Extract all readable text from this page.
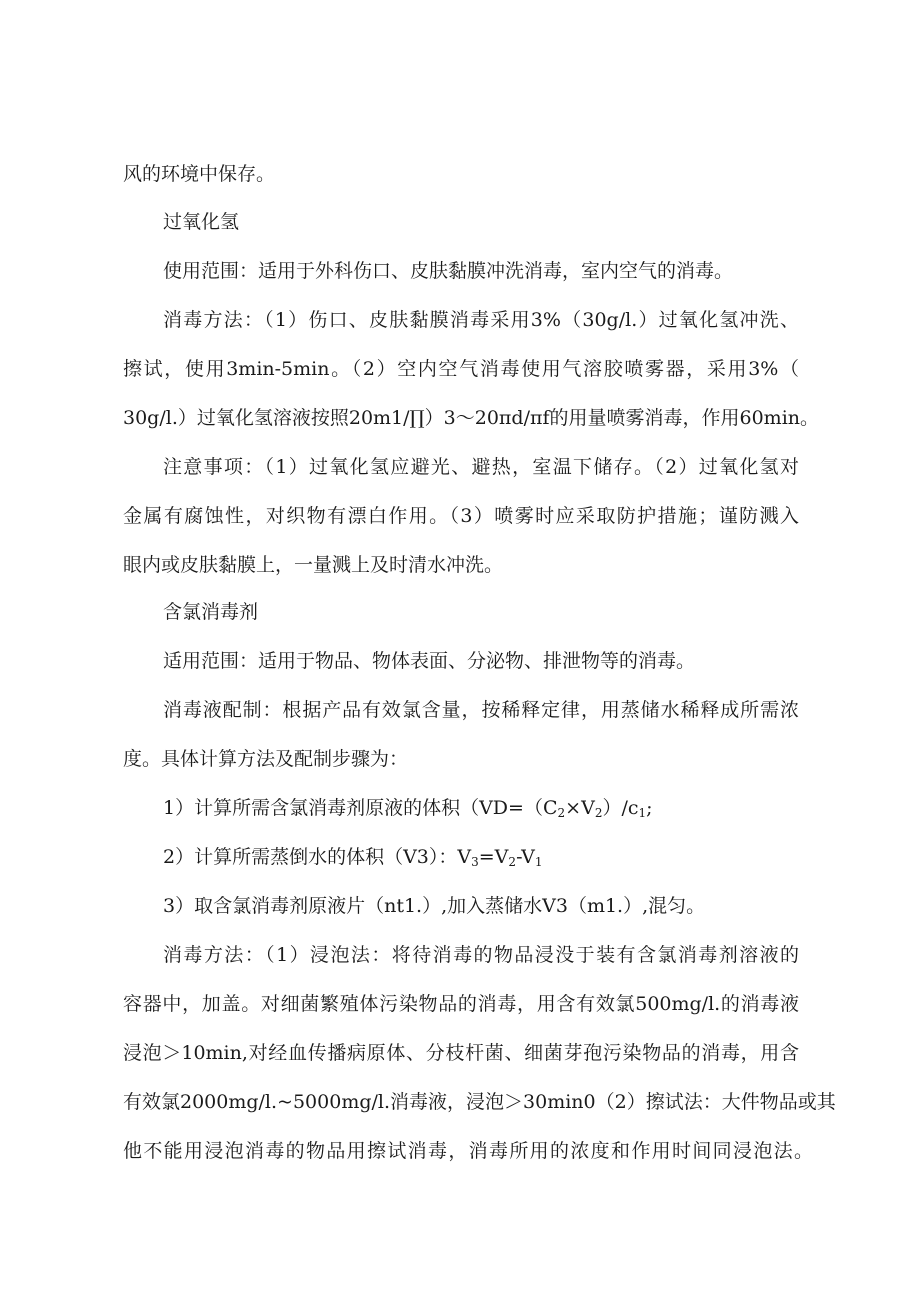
风的环境中保存。
过氧化氢
使用范围：适用于外科伤口、皮肤黏膜冲洗消毒，室内空气的消毒。
消毒方法：（1）伤口、皮肤黏膜消毒采用3%（30g/l.）过氧化氢冲洗、
擦试，使用3min-5min。（2）空内空气消毒使用气溶胶喷雾器，采用3%（
30g/l.）过氧化氢溶液按照20m1/∏）3～20πd/πf的用量喷雾消毒，作用60min。
注意事项：（1）过氧化氢应避光、避热，室温下储存。（2）过氧化氢对
金属有腐蚀性，对织物有漂白作用。（3）喷雾时应采取防护措施；谨防溅入
眼内或皮肤黏膜上，一量溅上及时清水冲洗。
含氯消毒剂
适用范围：适用于物品、物体表面、分泌物、排泄物等的消毒。
消毒液配制：根据产品有效氯含量，按稀释定律，用蒸储水稀释成所需浓
度。具体计算方法及配制步骤为：
1）计算所需含氯消毒剂原液的体积（$VD=(C_2\times V_2)/c_1$;
2）计算所需蒸倒水的体积（V3）：$V_3=V_2-V_1$
3）取含氯消毒剂原液片（nt1.）,加入蒸储水V3（m1.）,混匀。
消毒方法：（1）浸泡法：将待消毒的物品浸没于装有含氯消毒剂溶液的
容器中，加盖。对细菌繁殖体污染物品的消毒，用含有效氯500mg/l.的消毒液
浸泡＞10min,对经血传播病原体、分枝杆菌、细菌芽孢污染物品的消毒，用含
有效氯2000mg/l.~5000mg/l.消毒液，浸泡＞30min0（2）擦试法：大件物品或其
他不能用浸泡消毒的物品用擦试消毒，消毒所用的浓度和作用时间同浸泡法。
